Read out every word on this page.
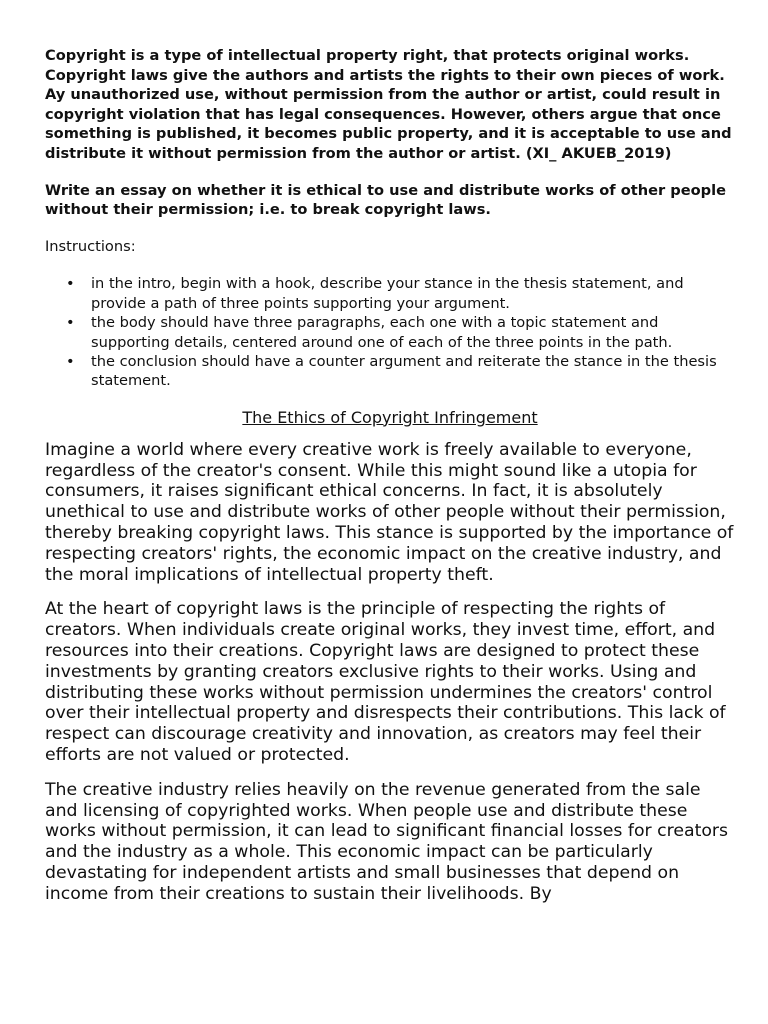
Copyright is a type of intellectual property right, that protects original works. Copyright laws give the authors and artists the rights to their own pieces of work. Ay unauthorized use, without permission from the author or artist, could result in copyright violation that has legal consequences. However, others argue that once something is published, it becomes public property, and it is acceptable to use and distribute it without permission from the author or artist. (XI_ AKUEB_2019)

Write an essay on whether it is ethical to use and distribute works of other people without their permission; i.e. to break copyright laws.

Instructions:

• in the intro, begin with a hook, describe your stance in the thesis statement, and provide a path of three points supporting your argument.
• the body should have three paragraphs, each one with a topic statement and supporting details, centered around one of each of the three points in the path.
• the conclusion should have a counter argument and reiterate the stance in the thesis statement.
The Ethics of Copyright Infringement

Imagine a world where every creative work is freely available to everyone, regardless of the creator's consent. While this might sound like a utopia for consumers, it raises significant ethical concerns. In fact, it is absolutely unethical to use and distribute works of other people without their permission, thereby breaking copyright laws. This stance is supported by the importance of respecting creators' rights, the economic impact on the creative industry, and the moral implications of intellectual property theft.

At the heart of copyright laws is the principle of respecting the rights of creators. When individuals create original works, they invest time, effort, and resources into their creations. Copyright laws are designed to protect these investments by granting creators exclusive rights to their works. Using and distributing these works without permission undermines the creators' control over their intellectual property and disrespects their contributions. This lack of respect can discourage creativity and innovation, as creators may feel their efforts are not valued or protected.

The creative industry relies heavily on the revenue generated from the sale and licensing of copyrighted works. When people use and distribute these works without permission, it can lead to significant financial losses for creators and the industry as a whole. This economic impact can be particularly devastating for independent artists and small businesses that depend on income from their creations to sustain their livelihoods. By
